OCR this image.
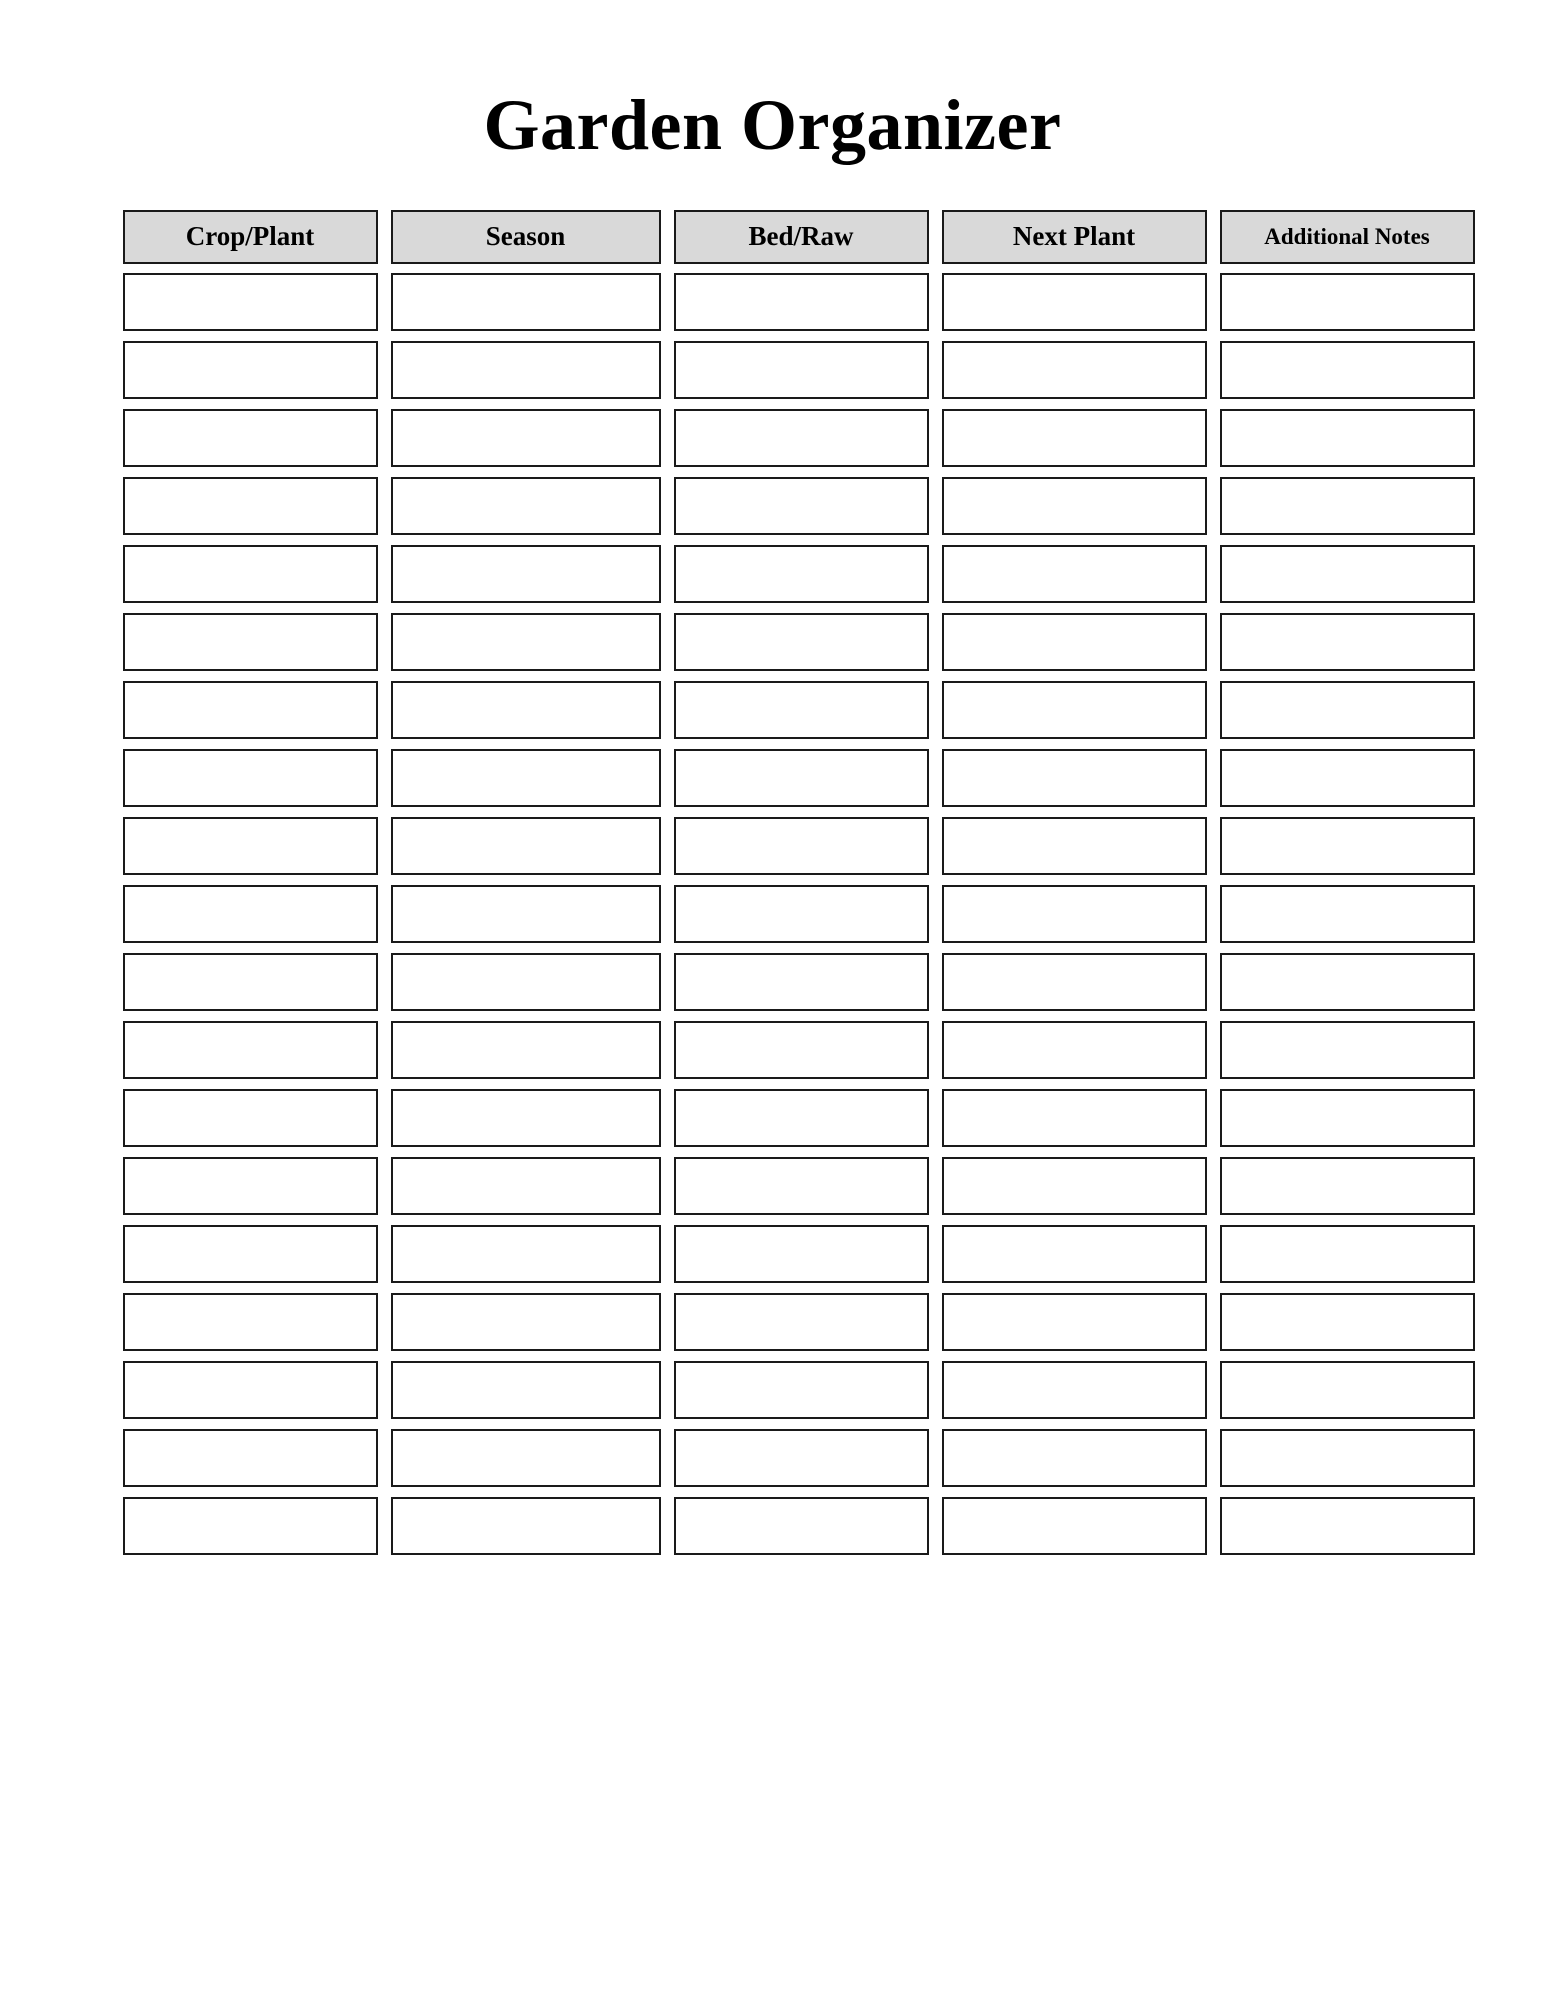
Garden Organizer
Crop/Plant	Season	Bed/Raw	Next Plant	Additional Notes
